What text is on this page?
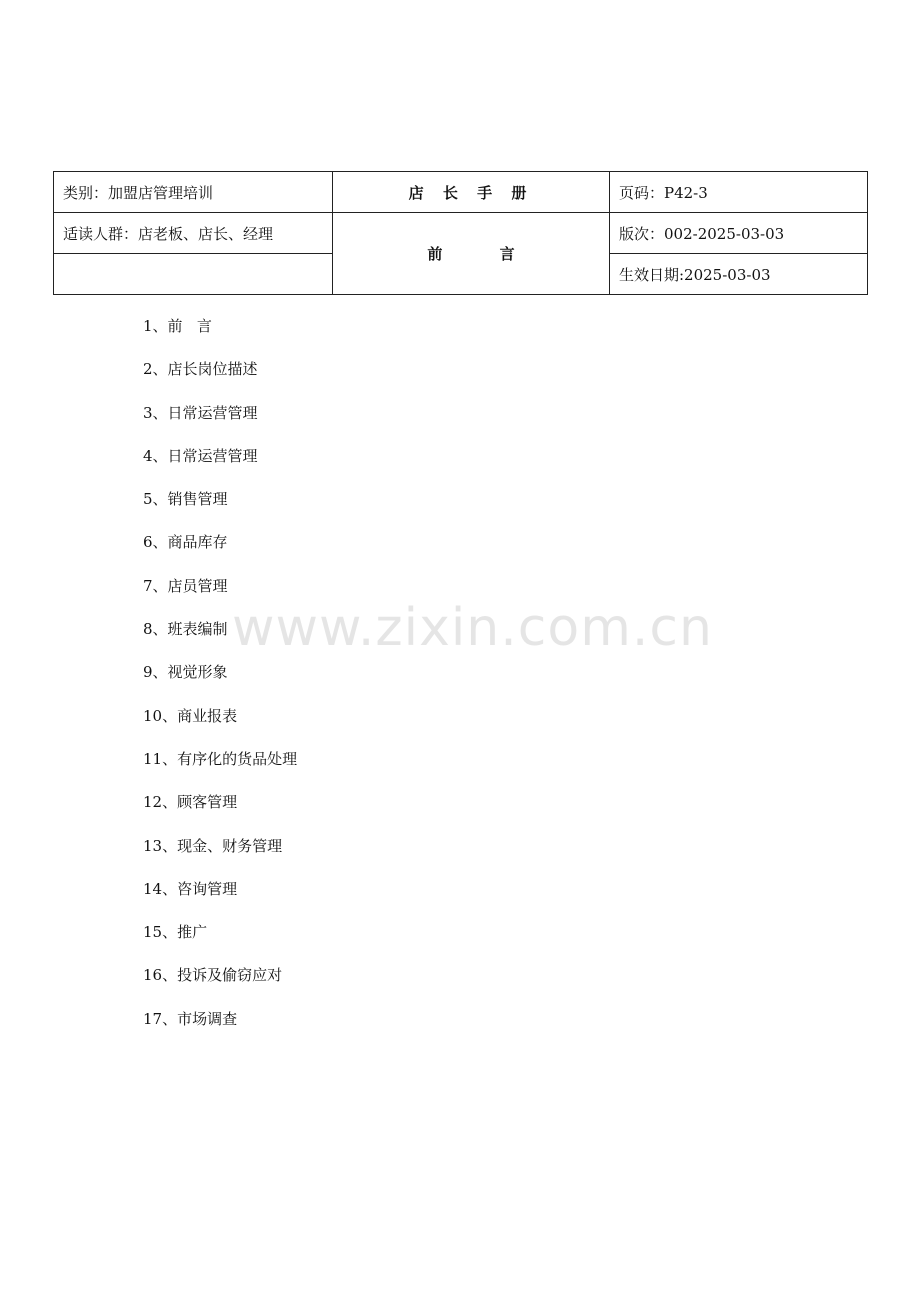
类别：加盟店管理培训	店 长 手 册	页码：P42-3
适读人群：店老板、店长、经理	前 言	版次：002-2025-03-03
		生效日期:2025-03-03
1、前   言
2、店长岗位描述
3、日常运营管理
4、日常运营管理
5、销售管理
6、商品库存
7、店员管理
8、班表编制
9、视觉形象
10、商业报表
11、有序化的货品处理
12、顾客管理
13、现金、财务管理
14、咨询管理
15、推广
16、投诉及偷窃应对
17、市场调查
www.zixin.com.cn
